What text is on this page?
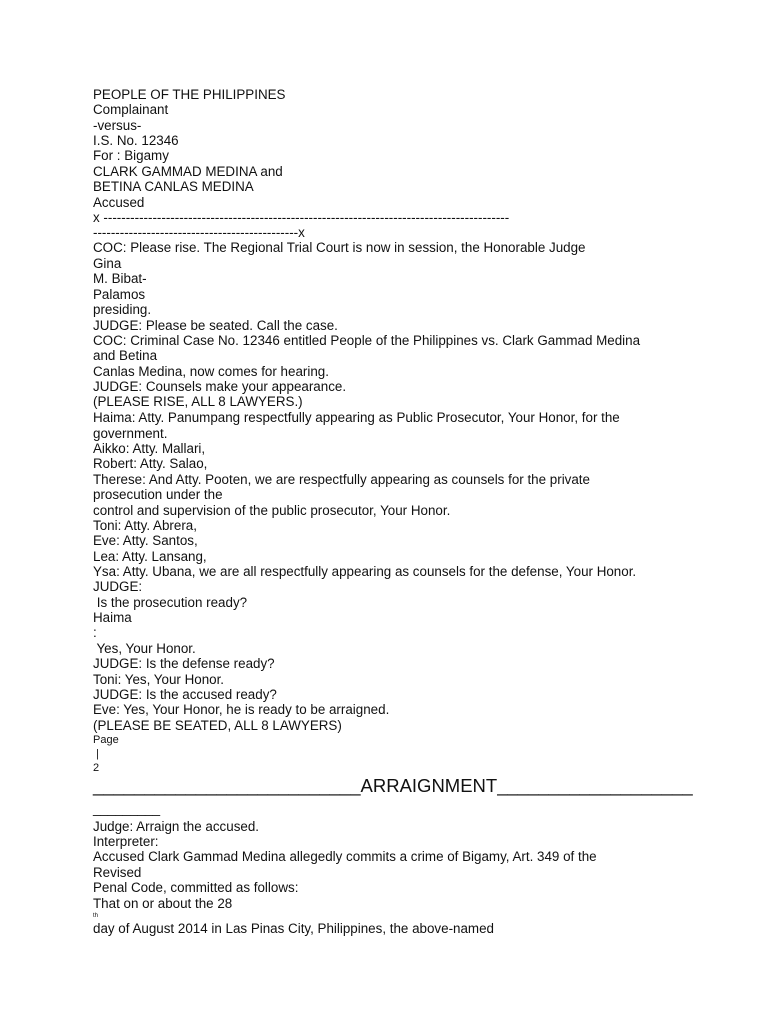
PEOPLE OF THE PHILIPPINES
Complainant
-versus-
I.S. No. 12346
For : Bigamy
CLARK GAMMAD MEDINA and
BETINA CANLAS MEDINA
Accused
x -------------------------------------------------------------------------------------------
----------------------------------------------x
COC: Please rise. The Regional Trial Court is now in session, the Honorable Judge
Gina
M. Bibat-
Palamos
presiding.
JUDGE: Please be seated. Call the case.
COC: Criminal Case No. 12346 entitled People of the Philippines vs. Clark Gammad Medina
and Betina
Canlas Medina, now comes for hearing.
JUDGE: Counsels make your appearance.
(PLEASE RISE, ALL 8 LAWYERS.)
Haima: Atty. Panumpang respectfully appearing as Public Prosecutor, Your Honor, for the
government.
Aikko: Atty. Mallari,
Robert: Atty. Salao,
Therese: And Atty. Pooten, we are respectfully appearing as counsels for the private
prosecution under the
control and supervision of the public prosecutor, Your Honor.
Toni: Atty. Abrera,
Eve: Atty. Santos,
Lea: Atty. Lansang,
Ysa: Atty. Ubana, we are all respectfully appearing as counsels for the defense, Your Honor.
JUDGE:
Is the prosecution ready?
Haima
:
Yes, Your Honor.
JUDGE: Is the defense ready?
Toni: Yes, Your Honor.
JUDGE: Is the accused ready?
Eve: Yes, Your Honor, he is ready to be arraigned.
(PLEASE BE SEATED, ALL 8 LAWYERS)
Page
|
2
__________________________ARRAIGNMENT___________________
_________
Judge: Arraign the accused.
Interpreter:
Accused Clark Gammad Medina allegedly commits a crime of Bigamy, Art. 349 of the
Revised
Penal Code, committed as follows:
That on or about the 28
th
day of August 2014 in Las Pinas City, Philippines, the above-named
